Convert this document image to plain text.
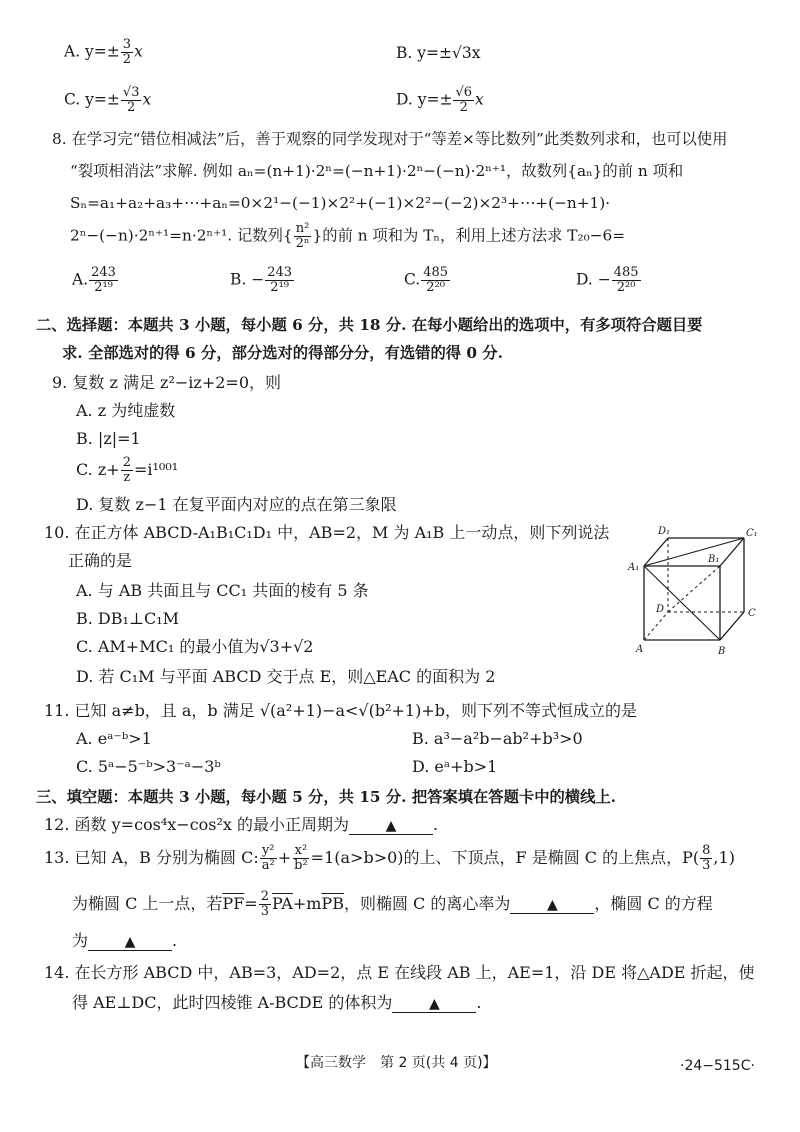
A. $y=\pm \frac{3}{2}$ x	B. y=±√3x
C. $y=\pm \frac{√3}{2}$ x	D. $y=\pm \frac{√6}{2}$ x
8. 在学习完“错位相减法”后，善于观察的同学发现对于“等差×等比数列”此类数列求和，也可以使用
“裂项相消法”求解. 例如 aₙ=(n+1)·2ⁿ=(−n+1)·2ⁿ−(−n)·2ⁿ⁺¹，故数列{aₙ}的前 n 项和
Sₙ=a₁+a₂+a₃+⋯+aₙ=0×2¹−(−1)×2²+(−1)×2²−(−2)×2³+⋯+(−n+1)·
2ⁿ−(−n)·2ⁿ⁺¹=n·2ⁿ⁺¹. 记数列{ $\frac{\text{n²}}{\text{2ⁿ}}$ }的前 n 项和为 Tₙ，利用上述方法求 T₂₀−6=
A. $\frac{243}{\text{2¹⁹}}$	B. − $\frac{243}{\text{2¹⁹}}$	C. $\frac{485}{\text{2²⁰}}$	D. − $\frac{485}{\text{2²⁰}}$
二、选择题：本题共 3 小题，每小题 6 分，共 18 分. 在每小题给出的选项中，有多项符合题目要
求. 全部选对的得 6 分，部分选对的得部分分，有选错的得 0 分.
9. 复数 z 满足 z²−iz+2=0，则
A. z 为纯虚数
B. |z|=1
C. $z+ \frac{2}{z} =i^{1001}$
D. 复数 z−1 在复平面内对应的点在第三象限
10. 在正方体 ABCD-A₁B₁C₁D₁ 中，AB=2，M 为 A₁B 上一动点，则下列说法
正确的是
A. 与 AB 共面且与 CC₁ 共面的棱有 5 条
B. DB₁⊥C₁M
C. AM+MC₁ 的最小值为√3+√2
D. 若 C₁M 与平面 ABCD 交于点 E，则△EAC 的面积为 2
D₁	C₁
B₁
A₁
D	C
A	B
11. 已知 a≠b，且 a，b 满足 √(a²+1)−a<√(b²+1)+b，则下列不等式恒成立的是
A. eᵃ⁻ᵇ>1	B. a³−a²b−ab²+b³>0
C. 5ᵃ−5⁻ᵇ>3⁻ᵃ−3ᵇ	D. eᵃ+b>1
三、填空题：本题共 3 小题，每小题 5 分，共 15 分. 把答案填在答题卡中的横线上.
12. 函数 y=cos⁴x−cos²x 的最小正周期为	▲ .
13. 已知 A，B 分别为椭圆 C: $\frac{\text{y²}}{\text{a²}} + \frac{\text{x²}}{\text{b²}} =1(a>b>0)$的上、下顶点，F 是椭圆 C 的上焦点，$P( \frac{8}{3} ,1)$
为椭圆 C 上一点，若$\overline{PF}= \frac{2}{3} \overline{PA}+m\overline{PB}$，则椭圆 C 的离心率为	▲ ，椭圆 C 的方程
为	▲ .
14. 在长方形 ABCD 中，AB=3，AD=2，点 E 在线段 AB 上，AE=1，沿 DE 将△ADE 折起，使
得 AE⊥DC，此时四棱锥 A-BCDE 的体积为	▲ .
【高三数学　第 2 页(共 4 页)】	·24−515C·
